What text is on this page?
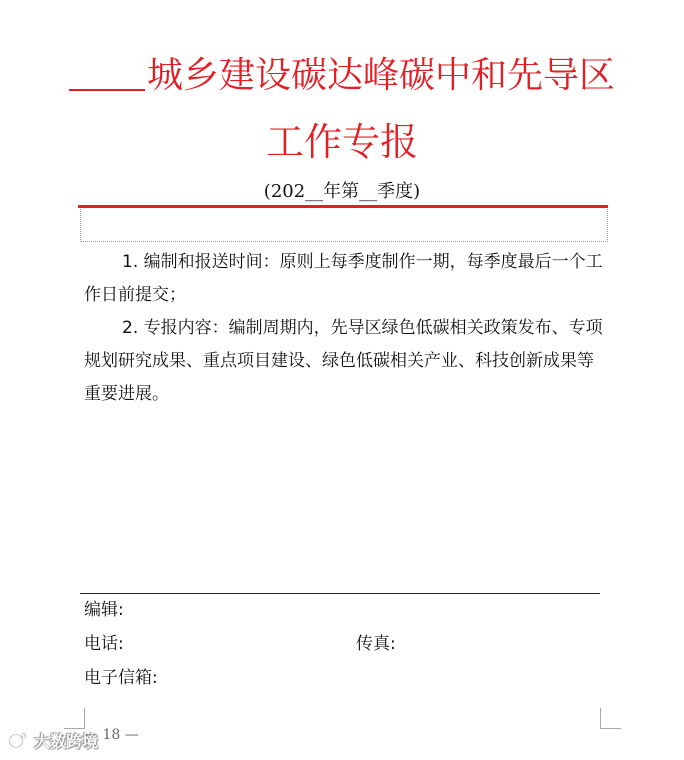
城乡建设碳达峰碳中和先导区
工作专报
(202__年第__季度)

1. 编制和报送时间：原则上每季度制作一期，每季度最后一个工作日前提交；

2. 专报内容：编制周期内，先导区绿色低碳相关政策发布、专项规划研究成果、重点项目建设、绿色低碳相关产业、科技创新成果等重要进展。

编辑:
电话:	传真:
电子信箱:
— 18 —
G 大数跨境
